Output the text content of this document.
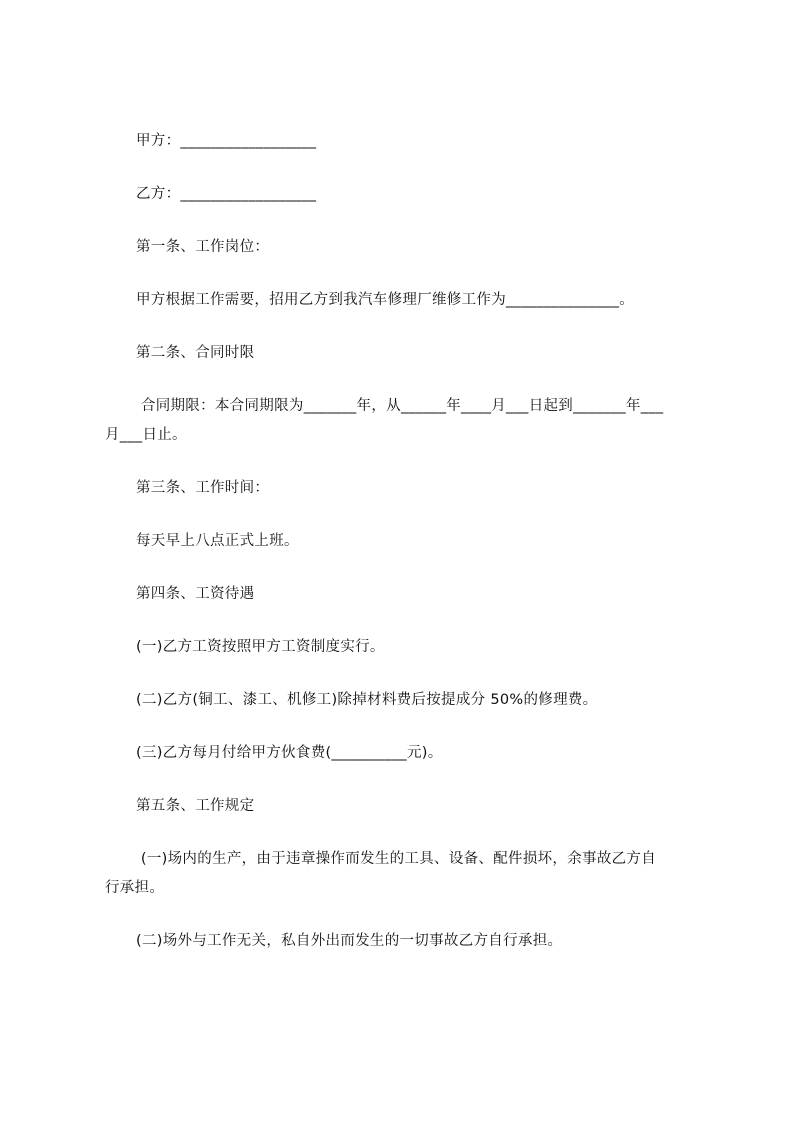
甲方：__________________
乙方：__________________
第一条、工作岗位：
甲方根据工作需要，招用乙方到我汽车修理厂维修工作为_______________。
第二条、合同时限
合同期限：本合同期限为_______年，从______年____月___日起到_______年___
月___日止。
第三条、工作时间：
每天早上八点正式上班。
第四条、工资待遇
(一)乙方工资按照甲方工资制度实行。
(二)乙方(铜工、漆工、机修工)除掉材料费后按提成分 50%的修理费。
(三)乙方每月付给甲方伙食费(__________元)。
第五条、工作规定
(一)场内的生产，由于违章操作而发生的工具、设备、配件损坏，余事故乙方自
行承担。
(二)场外与工作无关，私自外出而发生的一切事故乙方自行承担。
